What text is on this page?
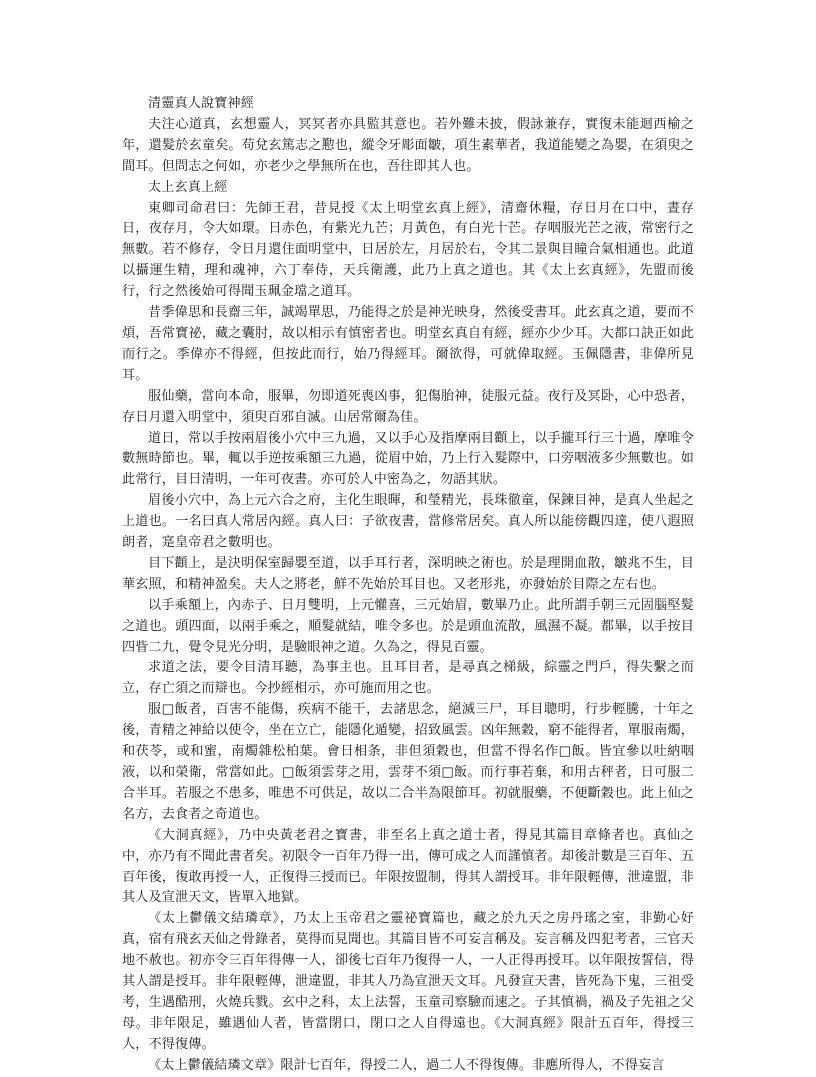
清靈真人說寶神經

夫注心道真，玄想靈人，冥冥者亦具監其意也。若外難未披，假詠兼存，實復未能迴西榆之年，還髮於玄童矣。苟兌玄篤志之懃也，縱令牙彫面皺，項生素華者，我道能變之為嬰，在須臾之間耳。但問志之何如，亦老少之學無所在也，吾往即其人也。

太上玄真上經

東卿司命君曰：先師王君，昔見授《太上明堂玄真上經》，清齋休糧，存日月在口中，晝存日，夜存月，令大如環。日赤色，有紫光九芒；月黃色，有白光十芒。存咽服光芒之液，常密行之無數。若不修存，令日月還住面明堂中，日居於左，月居於右，令其二景與目瞳合氣相通也。此道以攝運生精，理和魂神，六丁奉侍，天兵衛護，此乃上真之道也。其《太上玄真經》，先盟而後行，行之然後始可得聞玉珮金璫之道耳。

昔季偉思和長齋三年，誠竭單思，乃能得之於是神光映身，然後受書耳。此玄真之道，要而不煩，吾常寶祕，藏之囊肘，故以相示有慎密者也。明堂玄真自有經，經亦少少耳。大都口訣正如此而行之。季偉亦不得經，但按此而行，始乃得經耳。爾欲得，可就偉取經。玉佩隱書，非偉所見耳。

服仙藥，當向本命，服畢，勿即道死喪凶事，犯傷胎神，徒服元益。夜行及冥卧，心中恐者，存日月還入明堂中，須臾百邪自滅。山居常爾為佳。

道日，常以手按兩眉後小穴中三九過，又以手心及指摩兩目顴上，以手攏耳行三十過，摩唯令數無時節也。畢，輒以手逆按乘額三九過，從眉中始，乃上行入髮際中，口旁咽液多少無數也。如此常行，目日清明，一年可夜書。亦可於人中密為之，勿語其狀。

眉後小穴中，為上元六合之府，主化生眼暉，和瑩精光，長珠徹童，保鍊目神，是真人坐起之上道也。一名曰真人常居內經。真人曰：子欲夜書，當修常居矣。真人所以能傍觀四達，使八遐照朗者，寔皇帝君之數明也。

目下顴上，是決明保室歸嬰至道，以手耳行者，深明映之術也。於是理開血散，皺兆不生，目華玄照，和精神盈矣。夫人之將老，鮮不先始於耳目也。又老形兆，亦發始於目際之左右也。

以手乘額上，內赤子、日月雙明，上元懽喜，三元始眉，數畢乃止。此所謂手朝三元固腦堅髮之道也。頭四面，以兩手乘之，順髮就結，唯令多也。於是頭血流散，風濕不凝。都畢，以手按目四眥二九，覺令見光分明，是驗眼神之道。久為之，得見百靈。

求道之法，要令目清耳聽，為事主也。且耳目者，是尋真之梯級，綜靈之門戶，得失繫之而立，存亡須之而辯也。今抄經相示，亦可施而用之也。

服□飯者，百害不能傷，疾病不能干，去諸思念，絕滅三尸，耳目聰明，行步輕騰，十年之後，青精之神給以使令，坐在立亡，能隱化遁變，招致風雲。凶年無穀，窮不能得者，單服南燭，和茯苓，或和蜜，南燭雜松柏葉。會日相条，非但須穀也，但當不得名作□飯。皆宜參以吐納咽液，以和榮衛，常當如此。□飯須雲芽之用，雲芽不須□飯。而行事若棄，和用古秤者，日可服二合半耳。若服之不患多，唯患不可供足，故以二合半為限節耳。初就服藥，不便斷穀也。此上仙之名方，去食者之奇道也。

《大洞真經》，乃中央黃老君之寶書，非至名上真之道士者，得見其篇目章條者也。真仙之中，亦乃有不聞此書者矣。初限令一百年乃得一出，傳可成之人而謹慎者。却後計數是三百年、五百年後，復敢再授一人，正復得三授而已。年限按盟制，得其人謂授耳。非年限輕傳，泄違盟，非其人及宣泄天文，皆單入地獄。

《太上鬱儀文結璘章》，乃太上玉帝君之靈祕寶篇也，藏之於九天之房丹瑤之室，非勤心好真，宿有飛玄天仙之骨錄者，莫得而見聞也。其篇目皆不可妄言稱及。妄言稱及四犯考者，三官天地不赦也。初亦令三百年得傳一人，卻後七百年乃復得一人，一人正得再授耳。以年限按誓信，得其人謂是授耳。非年限輕傳，泄違盟，非其人乃為宣泄天文耳。凡發宣天書，皆死為下鬼，三祖受考，生遇酷刑，火燒兵戮。玄中之科，太上法誓，玉童司察驗而速之。子其慎禍，禍及子先祖之父母。非年限足，雖遇仙人者，皆當閉口，閉口之人自得遠也。《大洞真經》限計五百年，得授三人，不得復傳。

《太上鬱儀結璘文章》限計七百年，得授二人，過二人不得復傳。非應所得人，不得妄言
